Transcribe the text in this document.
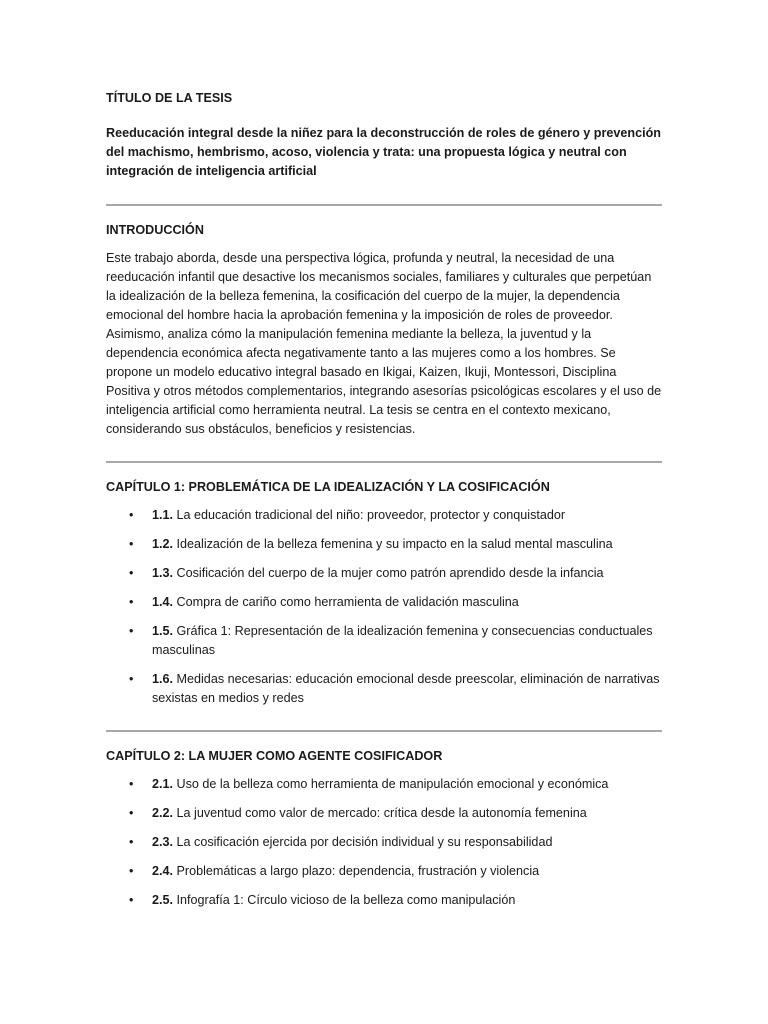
TÍTULO DE LA TESIS

Reeducación integral desde la niñez para la deconstrucción de roles de género y prevención del machismo, hembrismo, acoso, violencia y trata: una propuesta lógica y neutral con integración de inteligencia artificial

INTRODUCCIÓN

Este trabajo aborda, desde una perspectiva lógica, profunda y neutral, la necesidad de una reeducación infantil que desactive los mecanismos sociales, familiares y culturales que perpetúan la idealización de la belleza femenina, la cosificación del cuerpo de la mujer, la dependencia emocional del hombre hacia la aprobación femenina y la imposición de roles de proveedor. Asimismo, analiza cómo la manipulación femenina mediante la belleza, la juventud y la dependencia económica afecta negativamente tanto a las mujeres como a los hombres. Se propone un modelo educativo integral basado en Ikigai, Kaizen, Ikuji, Montessori, Disciplina Positiva y otros métodos complementarios, integrando asesorías psicológicas escolares y el uso de inteligencia artificial como herramienta neutral. La tesis se centra en el contexto mexicano, considerando sus obstáculos, beneficios y resistencias.

CAPÍTULO 1: PROBLEMÁTICA DE LA IDEALIZACIÓN Y LA COSIFICACIÓN

• 1.1. La educación tradicional del niño: proveedor, protector y conquistador
• 1.2. Idealización de la belleza femenina y su impacto en la salud mental masculina
• 1.3. Cosificación del cuerpo de la mujer como patrón aprendido desde la infancia
• 1.4. Compra de cariño como herramienta de validación masculina
• 1.5. Gráfica 1: Representación de la idealización femenina y consecuencias conductuales masculinas
• 1.6. Medidas necesarias: educación emocional desde preescolar, eliminación de narrativas sexistas en medios y redes

CAPÍTULO 2: LA MUJER COMO AGENTE COSIFICADOR

• 2.1. Uso de la belleza como herramienta de manipulación emocional y económica
• 2.2. La juventud como valor de mercado: crítica desde la autonomía femenina
• 2.3. La cosificación ejercida por decisión individual y su responsabilidad
• 2.4. Problemáticas a largo plazo: dependencia, frustración y violencia
• 2.5. Infografía 1: Círculo vicioso de la belleza como manipulación
